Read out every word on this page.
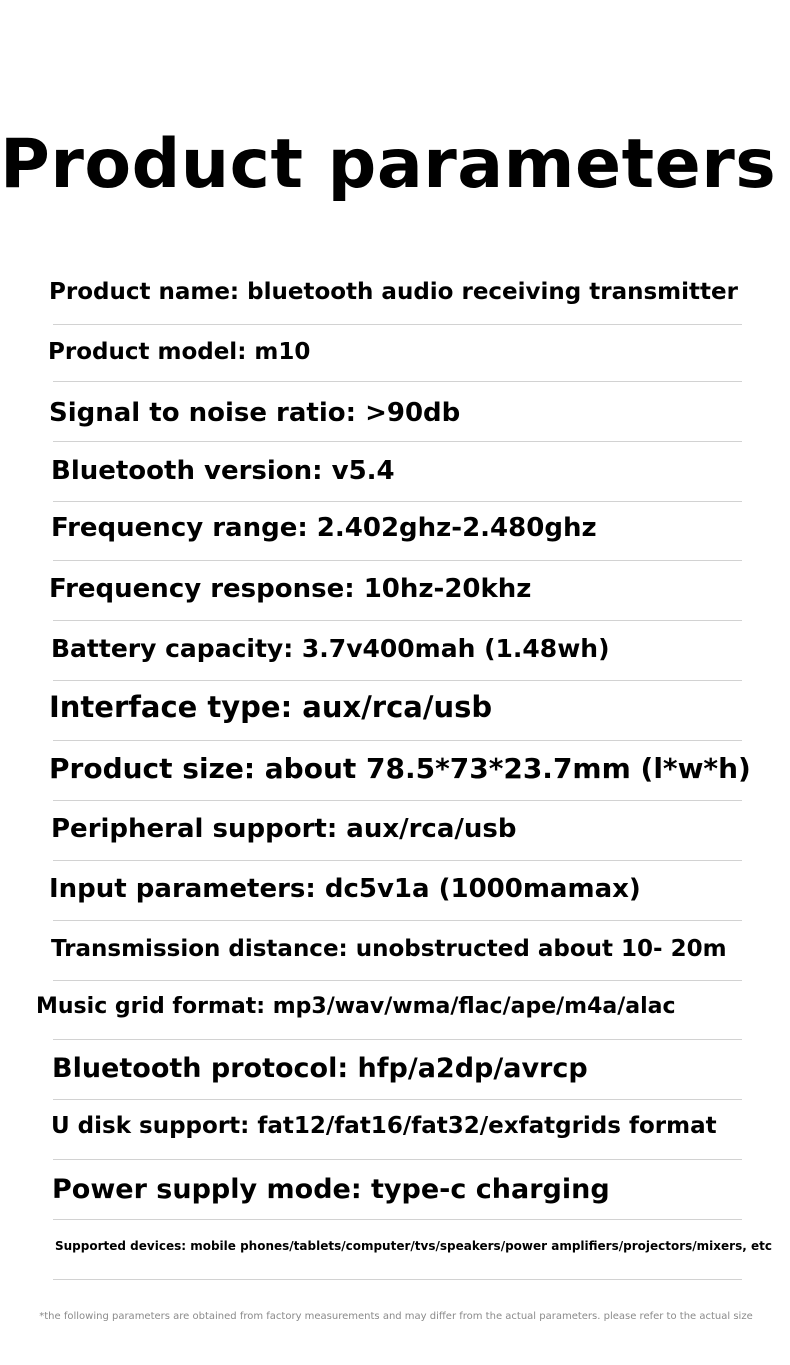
Product parameters
Product name: bluetooth audio receiving transmitter
Product model: m10
Signal to noise ratio: >90db
Bluetooth version: v5.4
Frequency range: 2.402ghz-2.480ghz
Frequency response: 10hz-20khz
Battery capacity: 3.7v400mah (1.48wh)
Interface type: aux/rca/usb
Product size: about 78.5*73*23.7mm (l*w*h)
Peripheral support: aux/rca/usb
Input parameters: dc5v1a (1000mamax)
Transmission distance: unobstructed about 10- 20m
Music grid format: mp3/wav/wma/flac/ape/m4a/alac
Bluetooth protocol: hfp/a2dp/avrcp
U disk support: fat12/fat16/fat32/exfatgrids format
Power supply mode: type-c charging
Supported devices: mobile phones/tablets/computer/tvs/speakers/power amplifiers/projectors/mixers, etc
*the following parameters are obtained from factory measurements and may differ from the actual parameters. please refer to the actual size
